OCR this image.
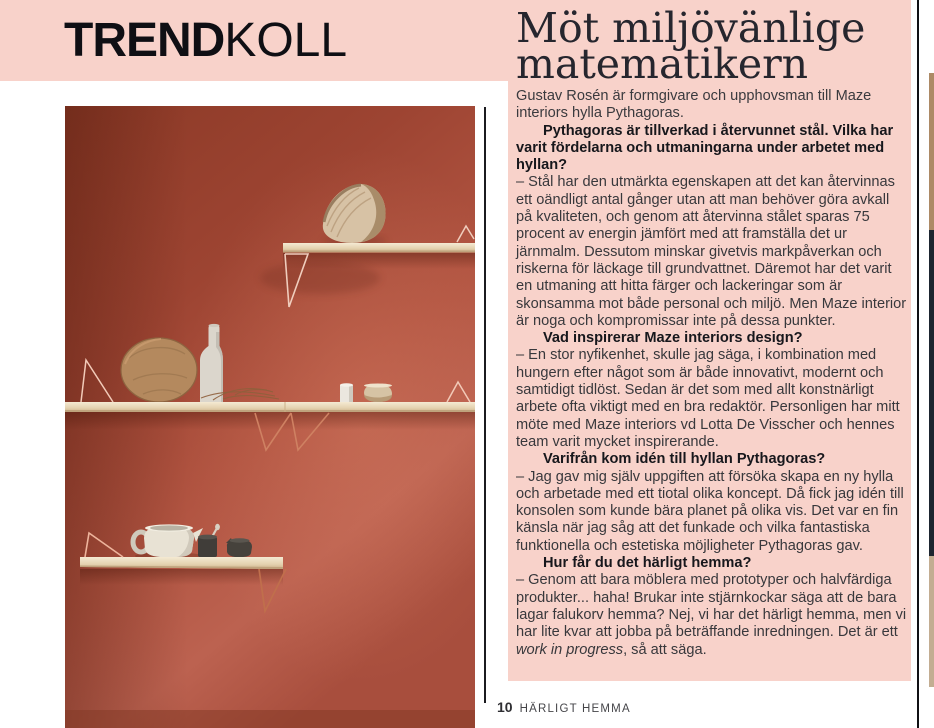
TRENDKOLL	Möt miljövänlige
matematikern

Gustav Rosén är formgivare och upphovsman till Maze interiors hylla Pythagoras.

Pythagoras är tillverkad i återvunnet stål. Vilka har varit fördelarna och utmaningarna under arbetet med hyllan?

– Stål har den utmärkta egenskapen att det kan återvinnas ett oändligt antal gånger utan att man behöver göra avkall på kvaliteten, och genom att återvinna stålet sparas 75 procent av energin jämfört med att framställa det ur järnmalm. Dessutom minskar givetvis markpåverkan och riskerna för läckage till grundvattnet. Däremot har det varit en utmaning att hitta färger och lackeringar som är skonsamma mot både personal och miljö. Men Maze interior är noga och kompromissar inte på dessa punkter.

Vad inspirerar Maze interiors design?

– En stor nyfikenhet, skulle jag säga, i kombination med hungern efter något som är både innovativt, modernt och samtidigt tidlöst. Sedan är det som med allt konstnärligt arbete ofta viktigt med en bra redaktör. Personligen har mitt möte med Maze interiors vd Lotta De Visscher och hennes team varit mycket inspirerande.

Varifrån kom idén till hyllan Pythagoras?

– Jag gav mig själv uppgiften att försöka skapa en ny hylla och arbetade med ett tiotal olika koncept. Då fick jag idén till konsolen som kunde bära planet på olika vis. Det var en fin känsla när jag såg att det funkade och vilka fantastiska funktionella och estetiska möjligheter Pythagoras gav.

Hur får du det härligt hemma?

– Genom att bara möblera med prototyper och halvfärdiga produkter... haha! Brukar inte stjärnkockar säga att de bara lagar falukorv hemma? Nej, vi har det härligt hemma, men vi har lite kvar att jobba på beträffande inredningen. Det är ett work in progress, så att säga.

10 HÄRLIGT HEMMA
